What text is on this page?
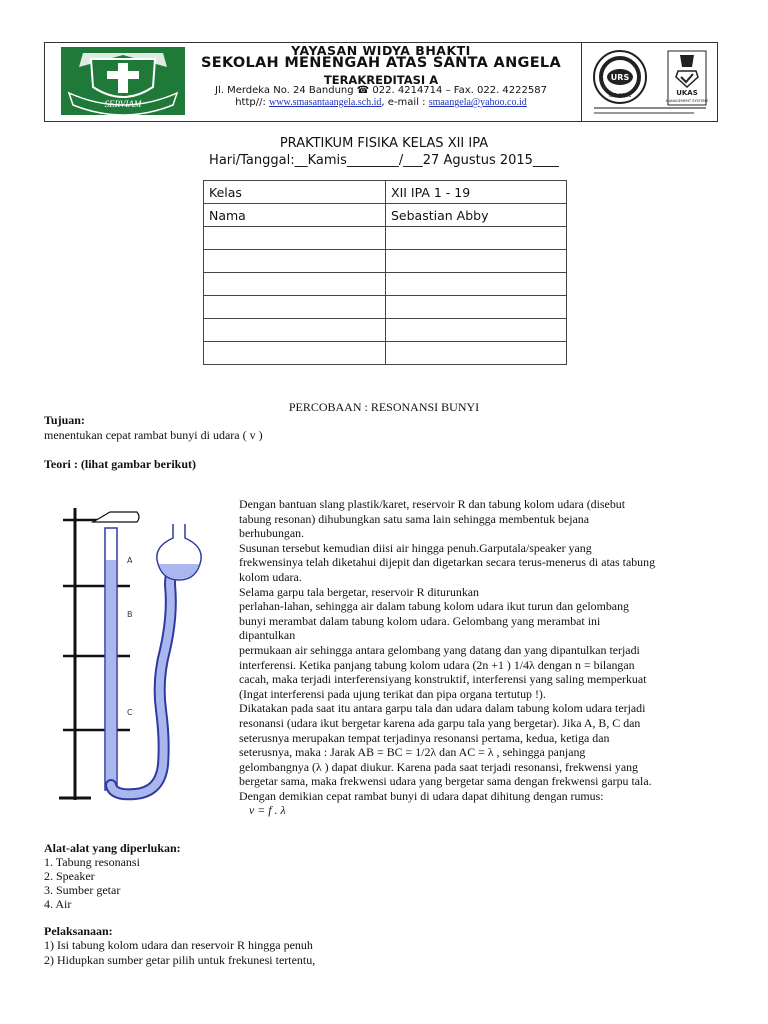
SERVIAM
YAYASAN WIDYA BHAKTI
SEKOLAH MENENGAH ATAS SANTA ANGELA
TERAKREDITASI A
Jl. Merdeka No. 24 Bandung ☎ 022. 4214714 – Fax. 022. 4222587
http//: www.smasantaangela.sch.id, e-mail : smaangela@yahoo.co.id
URS
ISO 9001	UKAS
MANAGEMENT SYSTEMS
PRAKTIKUM FISIKA KELAS XII IPA
Hari/Tanggal:__Kamis________/___27 Agustus 2015____
Kelas	XII IPA 1 - 19
Nama	Sebastian Abby

PERCOBAAN : RESONANSI BUNYI
Tujuan:
menentukan cepat rambat bunyi di udara ( v )
Teori : (lihat gambar berikut)
A
B
C
Dengan bantuan slang plastik/karet, reservoir R dan tabung kolom udara (disebut
tabung resonan) dihubungkan satu sama lain sehingga membentuk bejana
berhubungan.
Susunan tersebut kemudian diisi air hingga penuh.Garputala/speaker yang
frekwensinya telah diketahui dijepit dan digetarkan secara terus-menerus di atas tabung
kolom udara.
Selama garpu tala bergetar, reservoir R diturunkan
perlahan-lahan, sehingga air dalam tabung kolom udara ikut turun dan gelombang
bunyi merambat dalam tabung kolom udara. Gelombang yang merambat ini
dipantulkan
permukaan air sehingga antara gelombang yang datang dan yang dipantulkan terjadi
interferensi. Ketika panjang tabung kolom udara (2n +1 ) 1/4λ dengan n = bilangan
cacah, maka terjadi interferensiyang konstruktif, interferensi yang saling memperkuat
(Ingat interferensi pada ujung terikat dan pipa organa tertutup !).
Dikatakan pada saat itu antara garpu tala dan udara dalam tabung kolom udara terjadi
resonansi (udara ikut bergetar karena ada garpu tala yang bergetar). Jika A, B, C dan
seterusnya merupakan tempat terjadinya resonansi pertama, kedua, ketiga dan
seterusnya, maka : Jarak AB = BC = 1/2λ dan AC = λ , sehingga panjang
gelombangnya (λ ) dapat diukur. Karena pada saat terjadi resonansi, frekwensi yang
bergetar sama, maka frekwensi udara yang bergetar sama dengan frekwensi garpu tala.
Dengan demikian cepat rambat bunyi di udara dapat dihitung dengan rumus:
v = f . λ
Alat-alat yang diperlukan:
1. Tabung resonansi
2. Speaker
3. Sumber getar
4. Air
Pelaksanaan:
1) Isi tabung kolom udara dan reservoir R hingga penuh
2) Hidupkan sumber getar pilih untuk frekunesi tertentu,
